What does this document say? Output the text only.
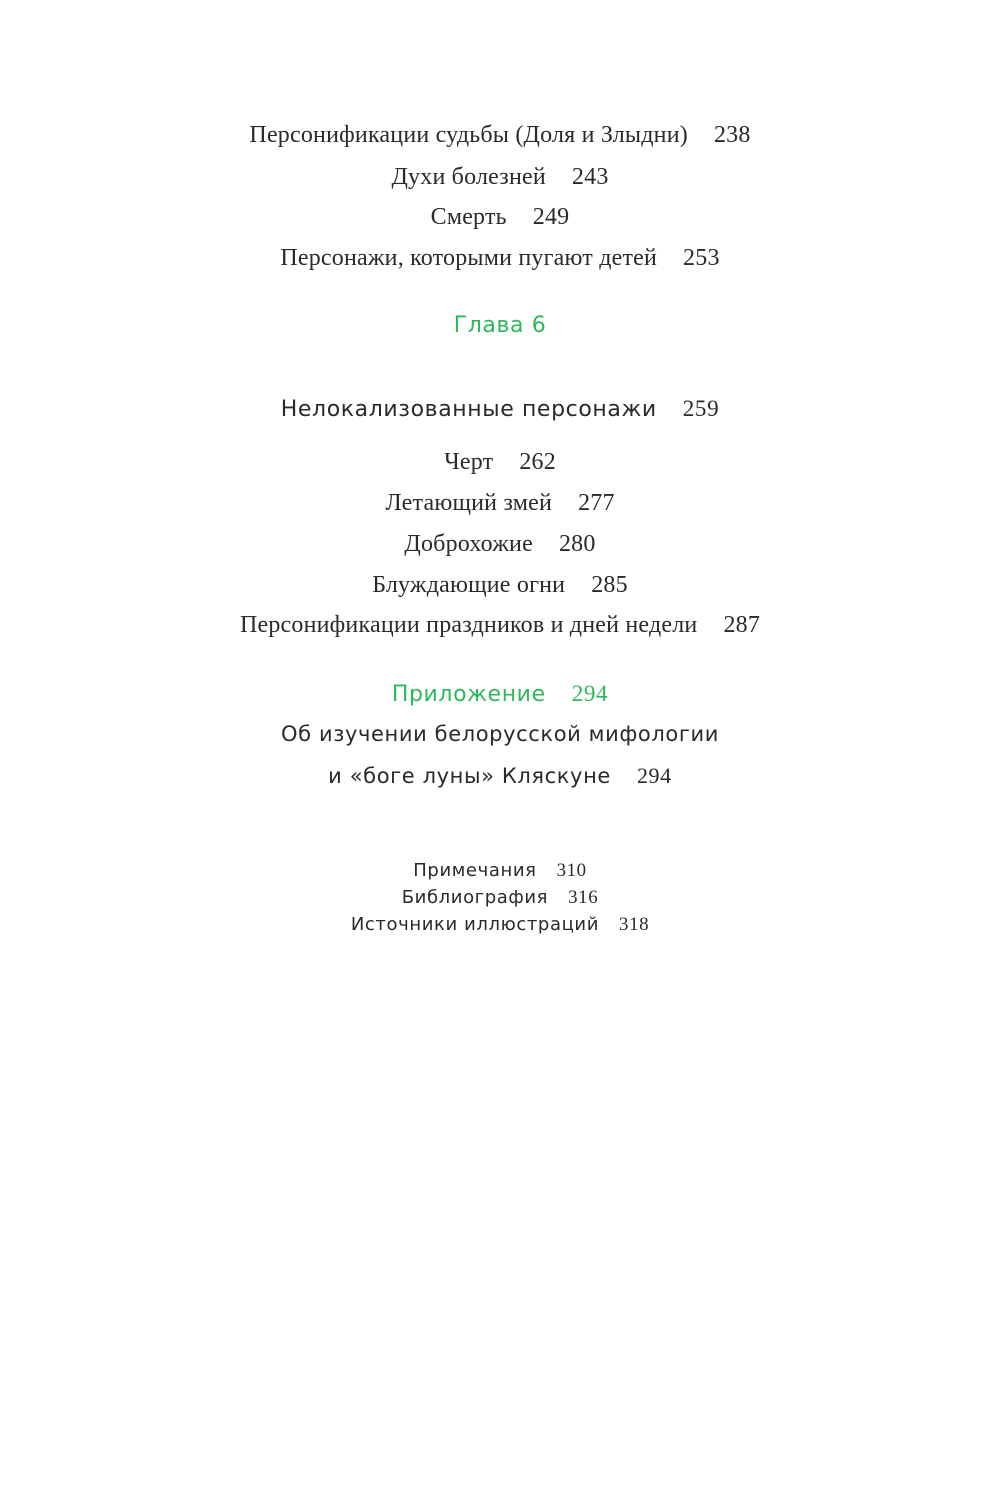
Персонификации судьбы (Доля и Злыдни) 238
Духи болезней 243
Смерть 249
Персонажи, которыми пугают детей 253
Глава 6
Нелокализованные персонажи 259
Черт 262
Летающий змей 277
Доброхожие 280
Блуждающие огни 285
Персонификации праздников и дней недели 287
Приложение 294
Об изучении белорусской мифологии
и «боге луны» Кляскуне 294
Примечания 310
Библиография 316
Источники иллюстраций 318
